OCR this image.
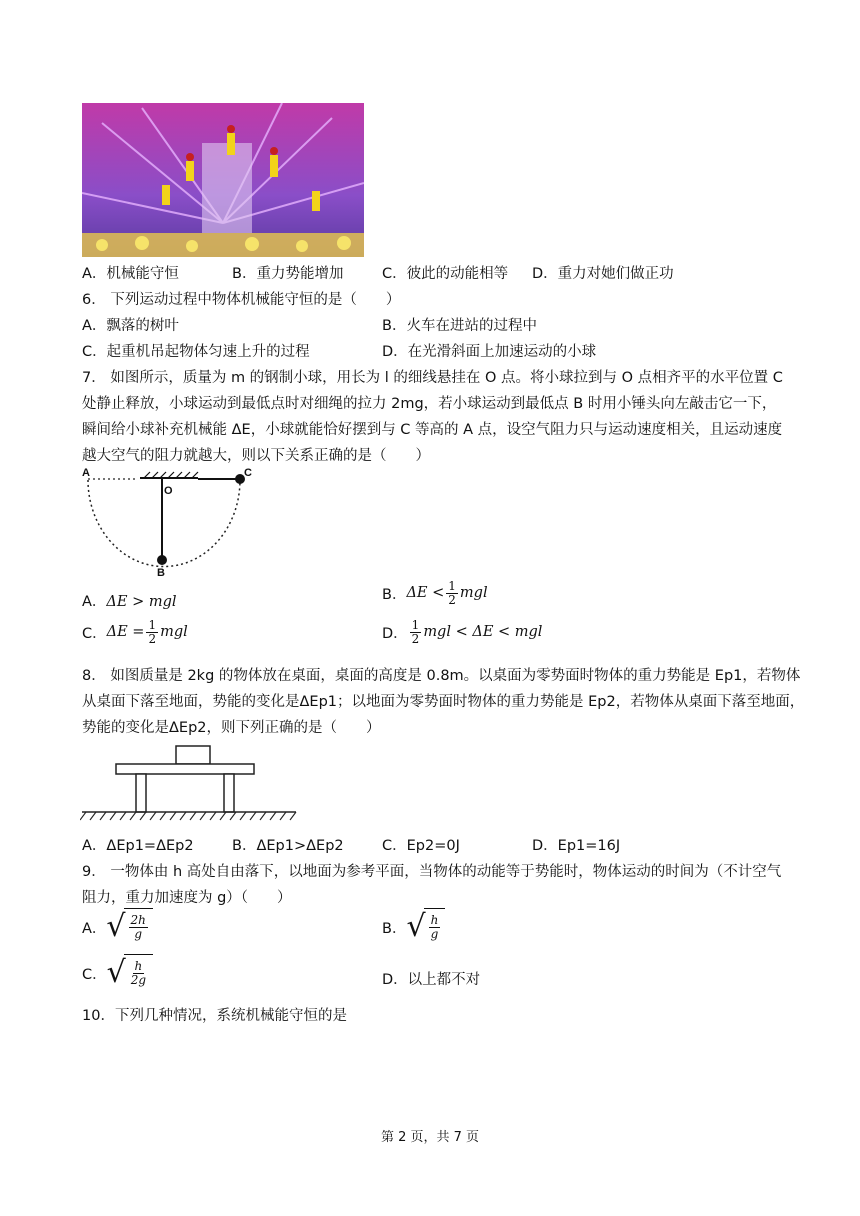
A．机械能守恒	B．重力势能增加	C．彼此的动能相等 D．重力对她们做正功
6． 下列运动过程中物体机械能守恒的是（　　）
A．飘落的树叶	B．火车在进站的过程中
C．起重机吊起物体匀速上升的过程	D．在光滑斜面上加速运动的小球
7． 如图所示，质量为 m 的钢制小球，用长为 l 的细线悬挂在 O 点。将小球拉到与 O 点相齐平的水平位置 C
处静止释放，小球运动到最低点时对细绳的拉力 2mg，若小球运动到最低点 B 时用小锤头向左敲击它一下，
瞬间给小球补充机械能 ΔE，小球就能恰好摆到与 C 等高的 A 点，设空气阻力只与运动速度相关，且运动速度
越大空气的阻力就越大，则以下关系正确的是（　　）
A
O
C
B
A．ΔE > mgl	B． $\Delta E < \frac{1}{2}$ mgl
C． $\Delta E = \frac{1}{2}$ mgl	D． $\frac{1}{2}$ mgl < ΔE < mgl
8． 如图质量是 2kg 的物体放在桌面，桌面的高度是 0.8m。以桌面为零势面时物体的重力势能是 Ep1，若物体
从桌面下落至地面，势能的变化是ΔEp1；以地面为零势面时物体的重力势能是 Ep2，若物体从桌面下落至地面，
势能的变化是ΔEp2，则下列正确的是（　　）
A．ΔEp1=ΔEp2	B．ΔEp1>ΔEp2	C．Ep2=0J	D．Ep1=16J
9． 一物体由 h 高处自由落下，以地面为参考平面，当物体的动能等于势能时，物体运动的时间为（不计空气
阻力，重力加速度为 g）（　　）
A． √ $\frac{2h}{g}$	B． √ $\frac{h}{g}$
C． √ $\frac{h}{2g}$	D．以上都不对
10．下列几种情况，系统机械能守恒的是
第 2 页，共 7 页
